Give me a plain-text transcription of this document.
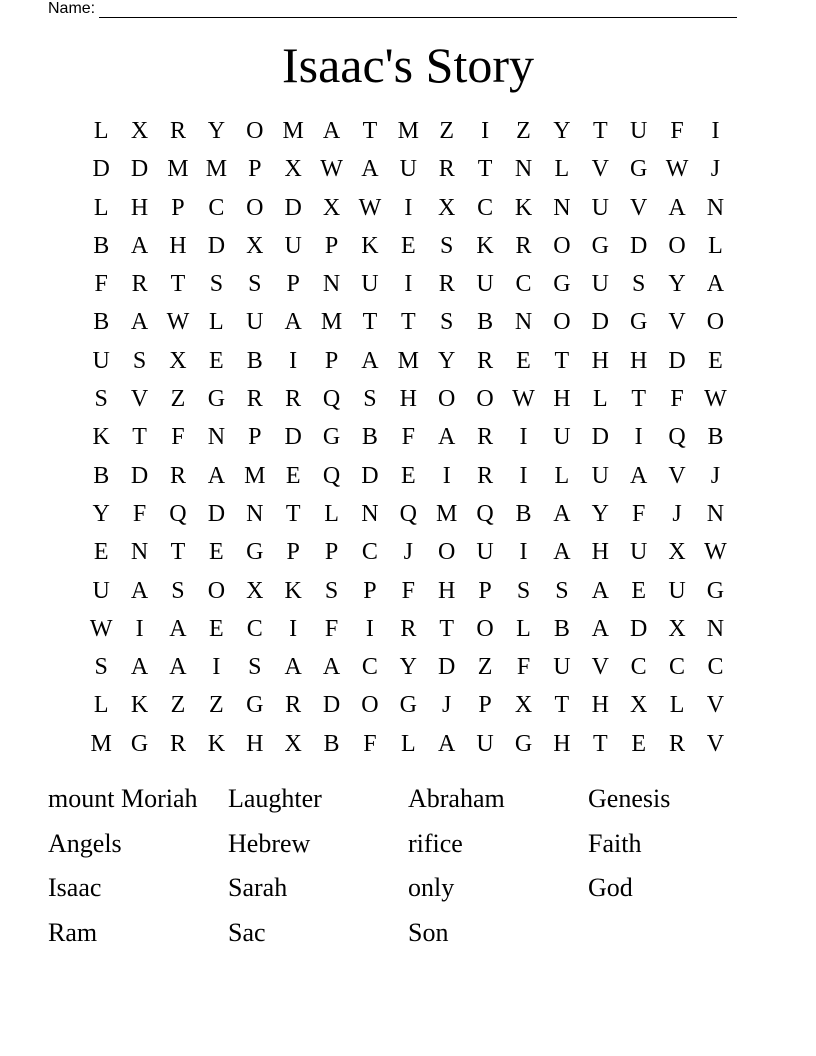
Name:
Isaac's Story
L X R Y O M A T M Z	I	Z Y T U F	I
D D M M P X W A U R T N L V G W J
L H P C O D X W I	X C K N U V A N
B A H D X U P K E	S K R O G D O L
F R T	S	S	P N U	I	R U C G U S Y A
B A W L U A M T T	S B N O D G V O
U S X E B	I	P A M Y R E T H H D E
S V Z G R R Q S H O O W H L T	F W
K T	F N P D G B F A R	I	U D	I	Q B
B D R A M E Q D E	I	R	I	L U A V	J
Y F Q D N T L N Q M Q B A Y F	J	N
E N T E G P	P C	J	O U	I	A H U X W
U A S O X K S	P	F H P	S	S A E U G
W I	A E C	I	F	I	R T O L B A D X N
S A A	I	S A A C Y D Z	F U V C C C
L K Z Z G R D O G	J	P X T H X L V
M G R K H X B F	L A U G H T E R V
mount Moriah	Laughter	Abraham	Genesis
Angels	Hebrew	rifice	Faith
Isaac	Sarah	only	God
Ram	Sac	Son
